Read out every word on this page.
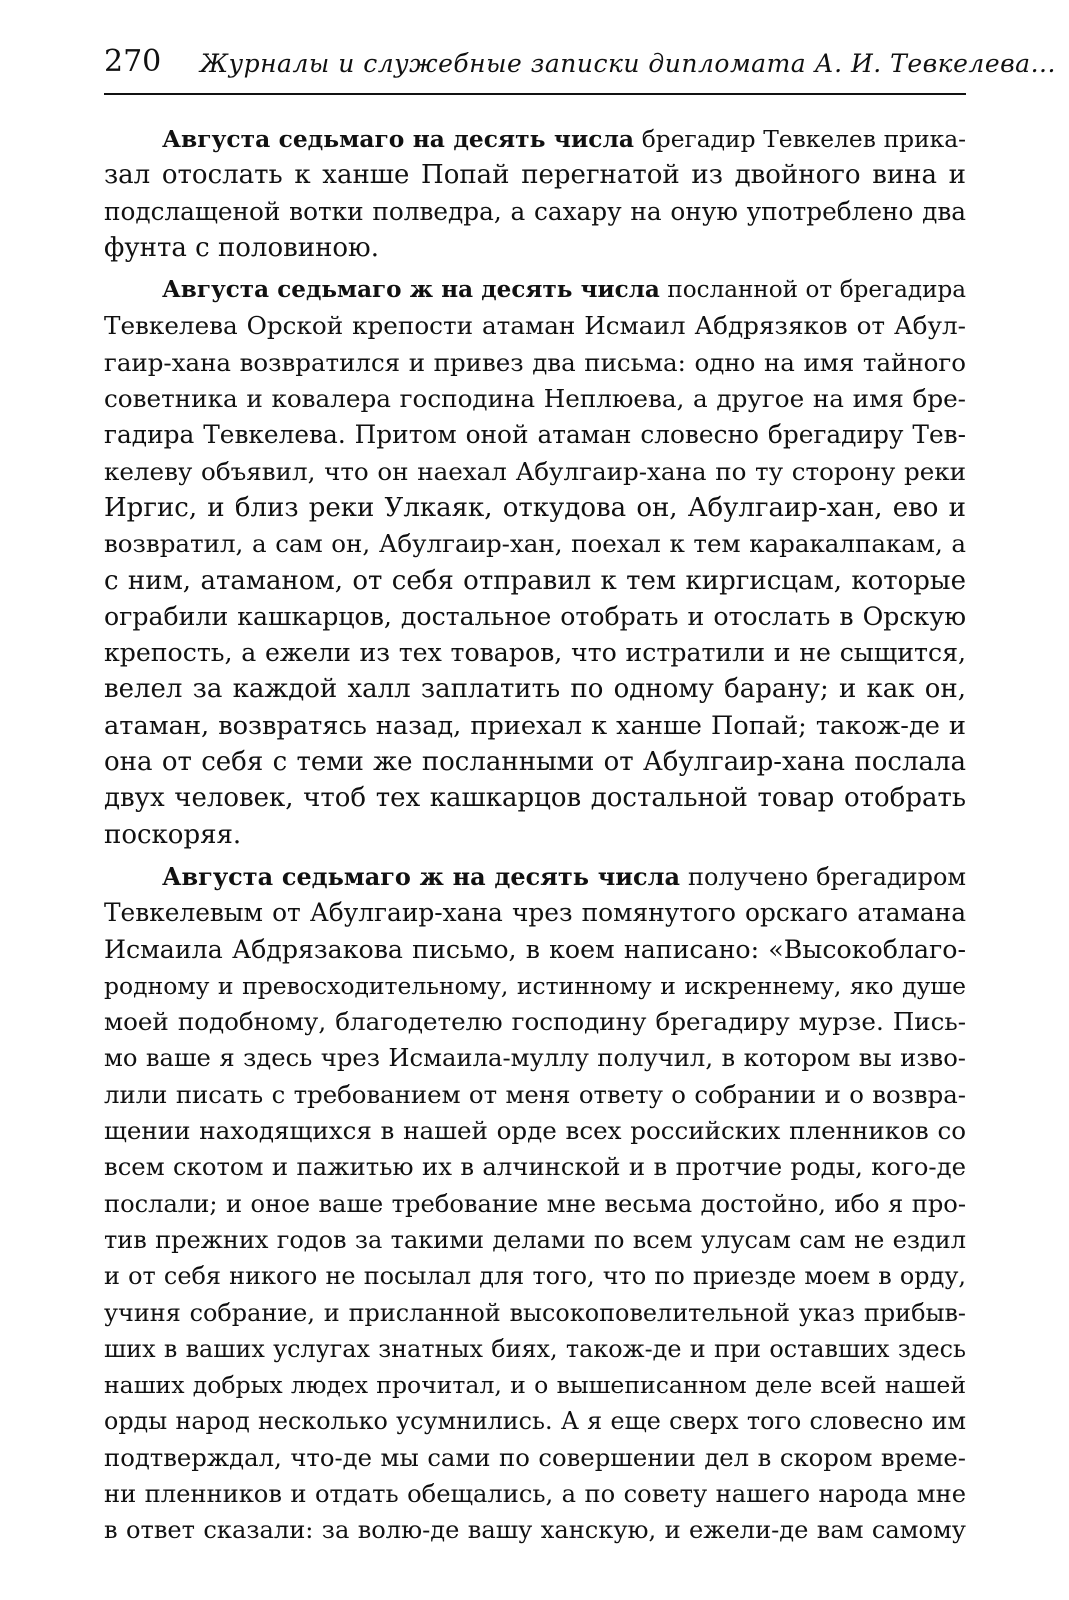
270 Журналы и служебные записки дипломата А. И. Тевкелева...
Августа седьмаго на десять числа брегадир Тевкелев прика-
зал отослать к ханше Попай перегнатой из двойного вина и
подслащеной вотки полведра, а сахару на оную употреблено два
фунта с половиною.
Августа седьмаго ж на десять числа посланной от брегадира
Тевкелева Орской крепости атаман Исмаил Абдрязяков от Абул-
гаир-хана возвратился и привез два письма: одно на имя тайного
советника и ковалера господина Неплюева, а другое на имя бре-
гадира Тевкелева. Притом оной атаман словесно брегадиру Тев-
келеву объявил, что он наехал Абулгаир-хана по ту сторону реки
Иргис, и близ реки Улкаяк, откудова он, Абулгаир-хан, ево и
возвратил, а сам он, Абулгаир-хан, поехал к тем каракалпакам, а
с ним, атаманом, от себя отправил к тем киргисцам, которые
ограбили кашкарцов, достальное отобрать и отослать в Орскую
крепость, а ежели из тех товаров, что истратили и не сыщится,
велел за каждой халл заплатить по одному барану; и как он,
атаман, возвратясь назад, приехал к ханше Попай; також-де и
она от себя с теми же посланными от Абулгаир-хана послала
двух человек, чтоб тех кашкарцов достальной товар отобрать
поскоряя.
Августа седьмаго ж на десять числа получено брегадиром
Тевкелевым от Абулгаир-хана чрез помянутого орскаго атамана
Исмаила Абдрязакова письмо, в коем написано: «Высокоблаго-
родному и превосходительному, истинному и искреннему, яко душе
моей подобному, благодетелю господину брегадиру мурзе. Пись-
мо ваше я здесь чрез Исмаила-муллу получил, в котором вы изво-
лили писать с требованием от меня ответу о собрании и о возвра-
щении находящихся в нашей орде всех российских пленников со
всем скотом и пажитью их в алчинской и в протчие роды, кого-де
послали; и оное ваше требование мне весьма достойно, ибо я про-
тив прежних годов за такими делами по всем улусам сам не ездил
и от себя никого не посылал для того, что по приезде моем в орду,
учиня собрание, и присланной высокоповелительной указ прибыв-
ших в ваших услугах знатных биях, також-де и при оставших здесь
наших добрых людех прочитал, и о вышеписанном деле всей нашей
орды народ несколько усумнились. А я еще сверх того словесно им
подтверждал, что-де мы сами по совершении дел в скором време-
ни пленников и отдать обещались, а по совету нашего народа мне
в ответ сказали: за волю-де вашу ханскую, и ежели-де вам самому
